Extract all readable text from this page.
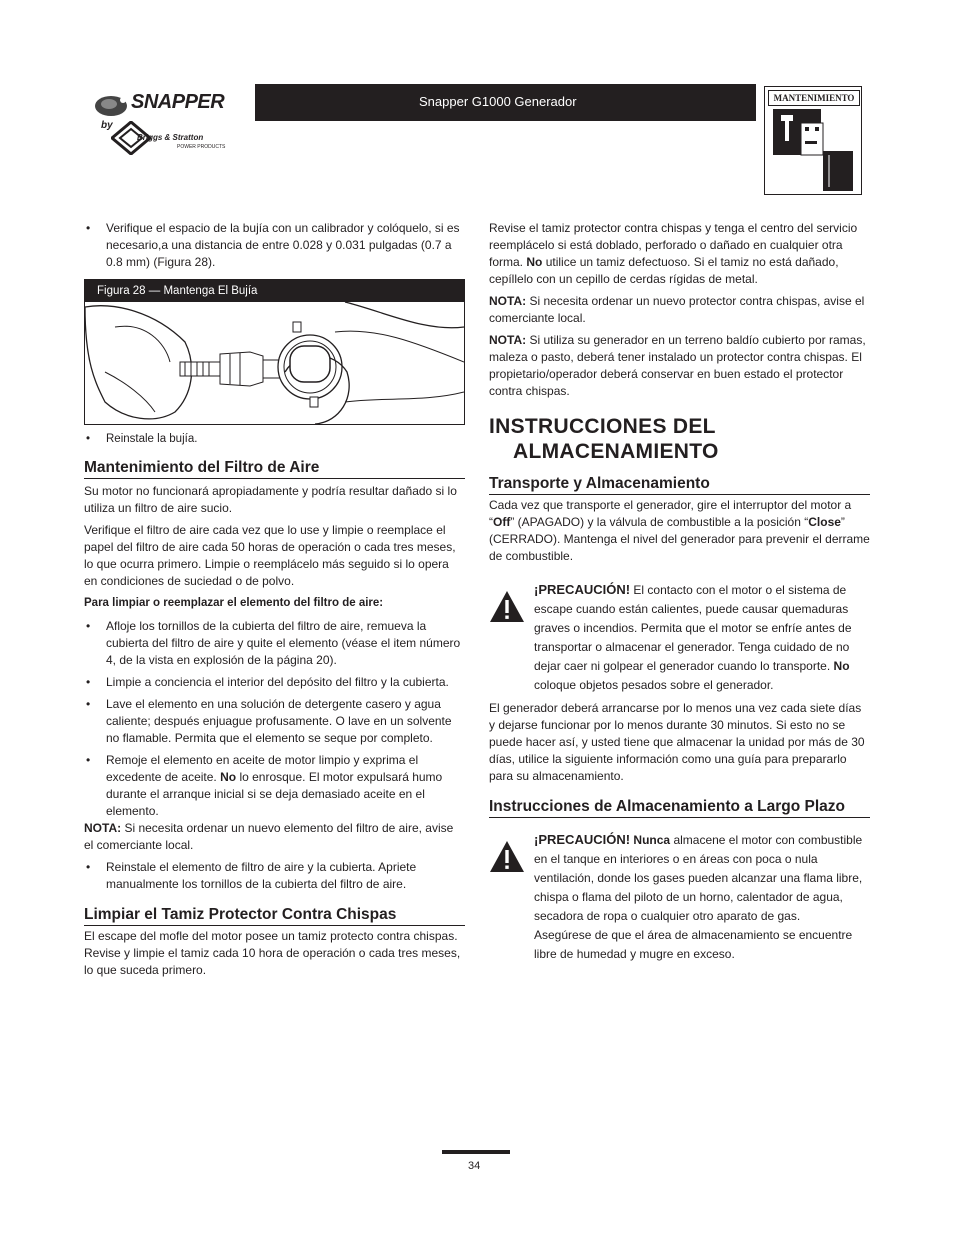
SNAPPER
by
Briggs & Stratton
POWER PRODUCTS
Snapper G1000 Generador	MANTENIMIENTO

• Verifique el espacio de la bujía con un calibrador y colóquelo, si es necesario,a una distancia de entre 0.028 y 0.031 pulgadas (0.7 a 0.8 mm) (Figura 28).

Figura 28 — Mantenga El Bujía

• Reinstale la bujía.

Mantenimiento del Filtro de Aire

Su motor no funcionará apropiadamente y podría resultar dañado si lo utiliza un filtro de aire sucio.

Verifique el filtro de aire cada vez que lo use y limpie o reemplace el papel del filtro de aire cada 50 horas de operación o cada tres meses, lo que ocurra primero. Limpie o reemplácelo más seguido si lo opera en condiciones de suciedad o de polvo.

Para limpiar o reemplazar el elemento del filtro de aire:

• Afloje los tornillos de la cubierta del filtro de aire, remueva la cubierta del filtro de aire y quite el elemento (véase el item número 4, de la vista en explosión de la página 20).

• Limpie a conciencia el interior del depósito del filtro y la cubierta.

• Lave el elemento en una solución de detergente casero y agua caliente; después enjuague profusamente. O lave en un solvente no flamable. Permita que el elemento se seque por completo.

• Remoje el elemento en aceite de motor limpio y exprima el excedente de aceite. No lo enrosque. El motor expulsará humo durante el arranque inicial si se deja demasiado aceite en el elemento.

NOTA: Si necesita ordenar un nuevo elemento del filtro de aire, avise el comerciante local.

• Reinstale el elemento de filtro de aire y la cubierta. Apriete manualmente los tornillos de la cubierta del filtro de aire.

Limpiar el Tamiz Protector Contra Chispas

El escape del mofle del motor posee un tamiz protecto contra chispas. Revise y limpie el tamiz cada 10 hora de operación o cada tres meses, lo que suceda primero.

Revise el tamiz protector contra chispas y tenga el centro del servicio reemplácelo si está doblado, perforado o dañado en cualquier otra forma. No utilice un tamiz defectuoso. Si el tamiz no está dañado, cepíllelo con un cepillo de cerdas rígidas de metal.

NOTA: Si necesita ordenar un nuevo protector contra chispas, avise el comerciante local.

NOTA: Si utiliza su generador en un terreno baldío cubierto por ramas, maleza o pasto, deberá tener instalado un protector contra chispas. El propietario/operador deberá conservar en buen estado el protector contra chispas.

INSTRUCCIONES DEL
ALMACENAMIENTO
Transporte y Almacenamiento

Cada vez que transporte el generador, gire el interruptor del motor a “Off” (APAGADO) y la válvula de combustible a la posición “Close” (CERRADO). Mantenga el nivel del generador para prevenir el derrame de combustible.

¡PRECAUCIÓN! El contacto con el motor o el sistema de escape cuando están calientes, puede causar quemaduras graves o incendios. Permita que el motor se enfríe antes de transportar o almacenar el generador. Tenga cuidado de no dejar caer ni golpear el generador cuando lo transporte. No coloque objetos pesados sobre el generador.

El generador deberá arrancarse por lo menos una vez cada siete días y dejarse funcionar por lo menos durante 30 minutos. Si esto no se puede hacer así, y usted tiene que almacenar la unidad por más de 30 días, utilice la siguiente información como una guía para prepararlo para su almacenamiento.

Instrucciones de Almacenamiento a Largo Plazo
¡PRECAUCIÓN! Nunca almacene el motor con combustible en el tanque en interiores o en áreas con poca o nula ventilación, donde los gases pueden alcanzar una flama libre, chispa o flama del piloto de un horno, calentador de agua, secadora de ropa o cualquier otro aparato de gas.
Asegúrese de que el área de almacenamiento se encuentre libre de humedad y mugre en exceso.
34
